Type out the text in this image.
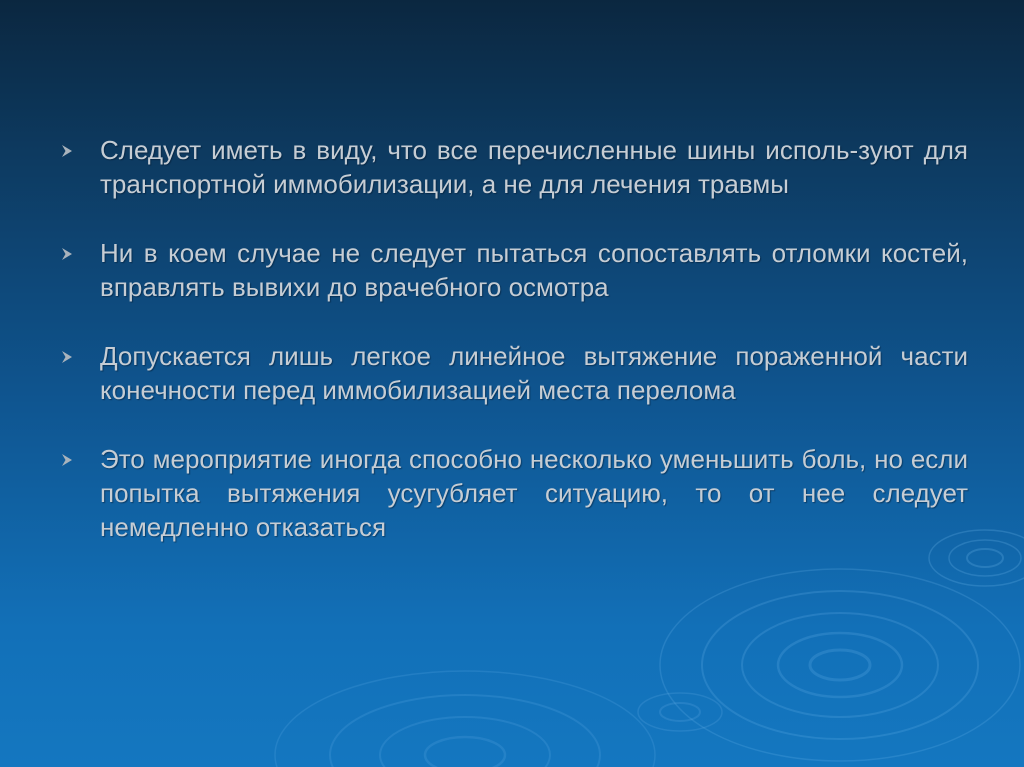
Следует иметь в виду, что все перечисленные шины исполь-зуют для транспортной иммобилизации, а не для лечения травмы
Ни в коем случае не следует пытаться сопоставлять отломки костей, вправлять вывихи до врачебного осмотра
Допускается лишь легкое линейное вытяжение пораженной части конечности перед иммобилизацией места перелома
Это мероприятие иногда способно несколько уменьшить боль, но если попытка вытяжения усугубляет ситуацию, то от нее следует немедленно отказаться
